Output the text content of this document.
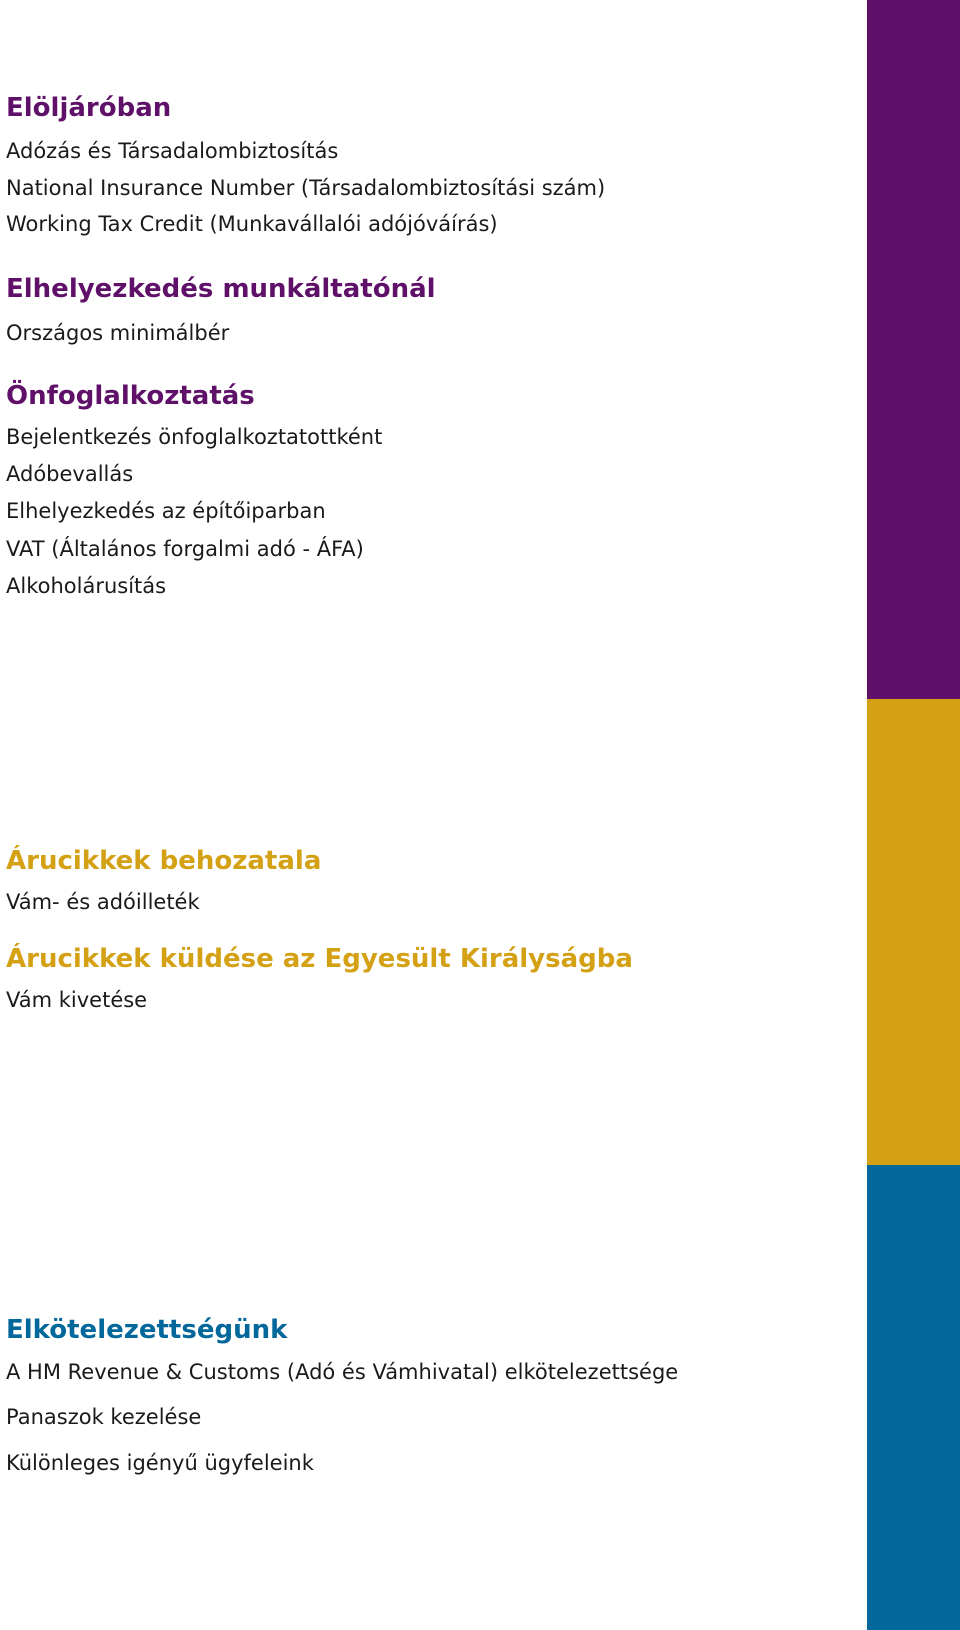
Elöljáróban

Adózás és Társadalombiztosítás

National Insurance Number (Társadalombiztosítási szám)

Working Tax Credit (Munkavállalói adójóváírás)

Elhelyezkedés munkáltatónál

Országos minimálbér

Önfoglalkoztatás

Bejelentkezés önfoglalkoztatottként

Adóbevallás

Elhelyezkedés az építőiparban

VAT (Általános forgalmi adó - ÁFA)

Alkoholárusítás

Árucikkek behozatala

Vám- és adóilleték

Árucikkek küldése az Egyesült Királyságba

Vám kivetése

Elkötelezettségünk

A HM Revenue & Customs (Adó és Vámhivatal) elkötelezettsége

Panaszok kezelése

Különleges igényű ügyfeleink
